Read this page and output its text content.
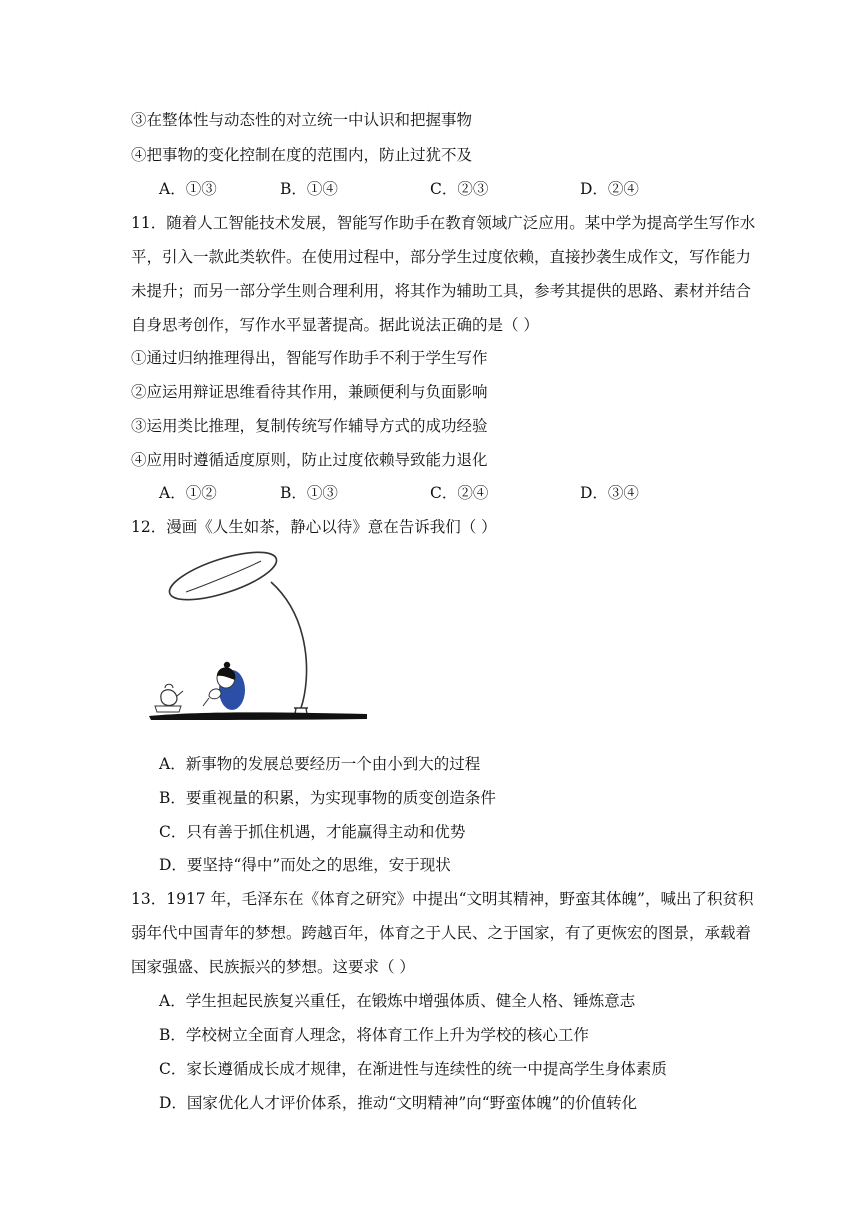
③在整体性与动态性的对立统一中认识和把握事物
④把事物的变化控制在度的范围内，防止过犹不及
A．①③	B．①④	C．②③	D．②④
11．随着人工智能技术发展，智能写作助手在教育领域广泛应用。某中学为提高学生写作水
平，引入一款此类软件。在使用过程中，部分学生过度依赖，直接抄袭生成作文，写作能力
未提升；而另一部分学生则合理利用，将其作为辅助工具，参考其提供的思路、素材并结合
自身思考创作，写作水平显著提高。据此说法正确的是（ ）
①通过归纳推理得出，智能写作助手不利于学生写作
②应运用辩证思维看待其作用，兼顾便利与负面影响
③运用类比推理，复制传统写作辅导方式的成功经验
④应用时遵循适度原则，防止过度依赖导致能力退化
A．①②	B．①③	C．②④	D．③④
12．漫画《人生如茶，静心以待》意在告诉我们（ ）
A．新事物的发展总要经历一个由小到大的过程
B．要重视量的积累，为实现事物的质变创造条件
C．只有善于抓住机遇，才能赢得主动和优势
D．要坚持“得中”而处之的思维，安于现状
13．1917 年，毛泽东在《体育之研究》中提出“文明其精神，野蛮其体魄”，喊出了积贫积
弱年代中国青年的梦想。跨越百年，体育之于人民、之于国家，有了更恢宏的图景，承载着
国家强盛、民族振兴的梦想。这要求（ ）
A．学生担起民族复兴重任，在锻炼中增强体质、健全人格、锤炼意志
B．学校树立全面育人理念，将体育工作上升为学校的核心工作
C．家长遵循成长成才规律，在渐进性与连续性的统一中提高学生身体素质
D．国家优化人才评价体系，推动“文明精神”向“野蛮体魄”的价值转化
